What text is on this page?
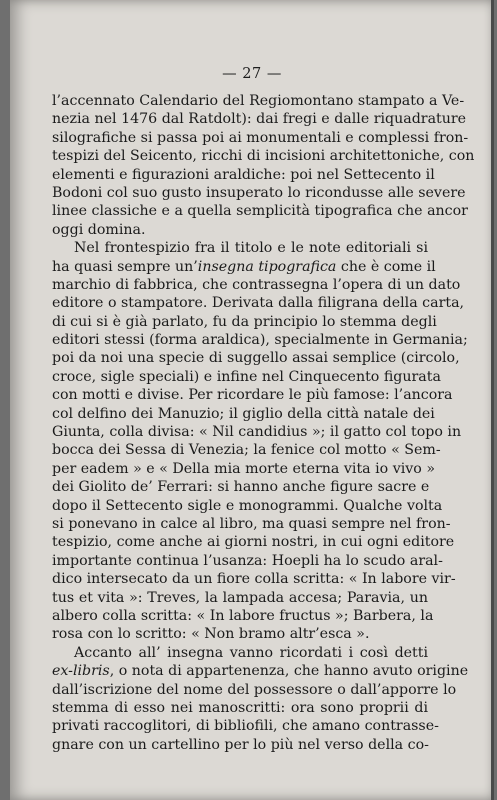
— 27 —
l’accennato Calendario del Regiomontano stampato a Ve-
nezia nel 1476 dal Ratdolt): dai fregi e dalle riquadrature
silografiche si passa poi ai monumentali e complessi fron-
tespizi del Seicento, ricchi di incisioni architettoniche, con
elementi e figurazioni araldiche: poi nel Settecento il
Bodoni col suo gusto insuperato lo ricondusse alle severe
linee classiche e a quella semplicità tipografica che ancor
oggi domina.
Nel frontespizio fra il titolo e le note editoriali si
ha quasi sempre un’insegna tipografica che è come il
marchio di fabbrica, che contrassegna l’opera di un dato
editore o stampatore. Derivata dalla filigrana della carta,
di cui si è già parlato, fu da principio lo stemma degli
editori stessi (forma araldica), specialmente in Germania;
poi da noi una specie di suggello assai semplice (circolo,
croce, sigle speciali) e infine nel Cinquecento figurata
con motti e divise. Per ricordare le più famose: l’ancora
col delfino dei Manuzio; il giglio della città natale dei
Giunta, colla divisa: « Nil candidius »; il gatto col topo in
bocca dei Sessa di Venezia; la fenice col motto « Sem-
per eadem » e « Della mia morte eterna vita io vivo »
dei Giolito de’ Ferrari: si hanno anche figure sacre e
dopo il Settecento sigle e monogrammi. Qualche volta
si ponevano in calce al libro, ma quasi sempre nel fron-
tespizio, come anche ai giorni nostri, in cui ogni editore
importante continua l’usanza: Hoepli ha lo scudo aral-
dico intersecato da un fiore colla scritta: « In labore vir-
tus et vita »: Treves, la lampada accesa; Paravia, un
albero colla scritta: « In labore fructus »; Barbera, la
rosa con lo scritto: « Non bramo altr’esca ».
Accanto all’ insegna vanno ricordati i così detti
ex-libris, o nota di appartenenza, che hanno avuto origine
dall’iscrizione del nome del possessore o dall’apporre lo
stemma di esso nei manoscritti: ora sono proprii di
privati raccoglitori, di bibliofili, che amano contrasse-
gnare con un cartellino per lo più nel verso della co-
